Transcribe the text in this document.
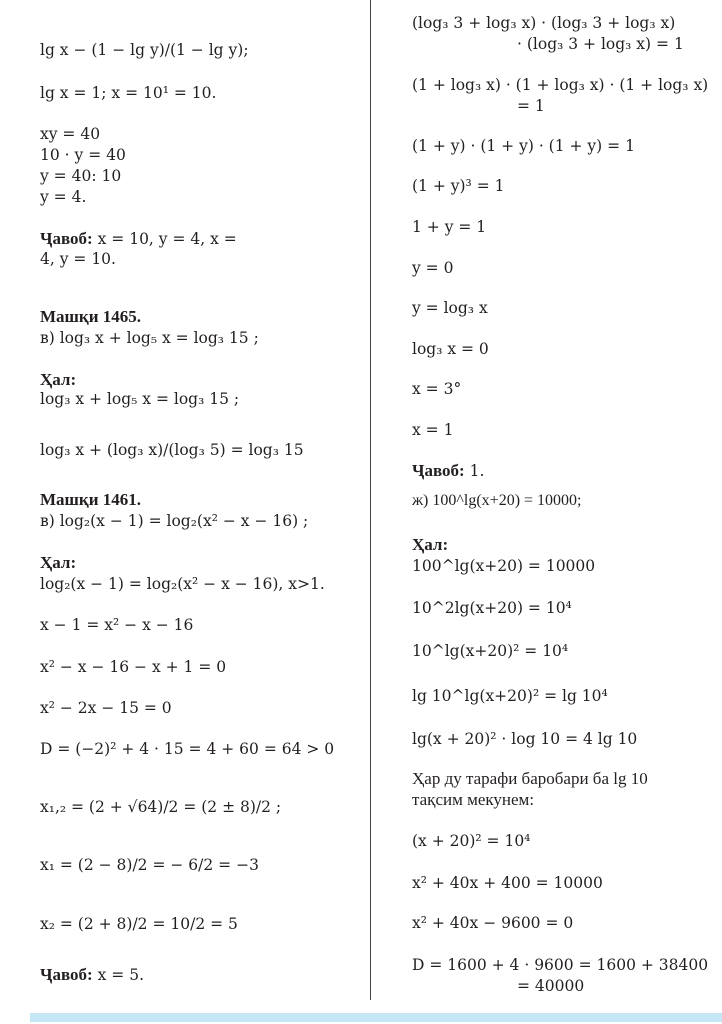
lg x − (1 − lg y)/(1 − lg y);
lg x = 1; x = 10¹ = 10.
xy = 40
10 · y = 40
y = 40: 10
y = 4.
Ҷавоб: x = 10, y = 4, x =
4, y = 10.
Машқи 1465.
в) log₃ x + log₅ x = log₃ 15 ;
Ҳал:
log₃ x + log₅ x = log₃ 15 ;
log₃ x + (log₃ x)/(log₃ 5) = log₃ 15
Машқи 1461.
в) log₂(x − 1) = log₂(x² − x − 16) ;
Ҳал:
log₂(x − 1) = log₂(x² − x − 16), x>1.
x − 1 = x² − x − 16
x² − x − 16 − x + 1 = 0
x² − 2x − 15 = 0
D = (−2)² + 4 · 15 = 4 + 60 = 64 > 0
x₁,₂ = (2 + √64)/2 = (2 ± 8)/2 ;
x₁ = (2 − 8)/2 = − 6/2 = −3
x₂ = (2 + 8)/2 = 10/2 = 5
Ҷавоб: x = 5.
(log₃ 3 + log₃ x) · (log₃ 3 + log₃ x)
· (log₃ 3 + log₃ x) = 1
(1 + log₃ x) · (1 + log₃ x) · (1 + log₃ x)
= 1
(1 + y) · (1 + y) · (1 + y) = 1
(1 + y)³ = 1
1 + y = 1
y = 0
y = log₃ x
log₃ x = 0
x = 3°
x = 1
Ҷавоб: 1.
ж) 100^lg(x+20) = 10000;
Ҳал:
100^lg(x+20) = 10000
10^2lg(x+20) = 10⁴
10^lg(x+20)² = 10⁴
lg 10^lg(x+20)² = lg 10⁴
lg(x + 20)² · log 10 = 4 lg 10
Ҳар ду тарафи баробари ба lg 10
тақсим мекунем:
(x + 20)² = 10⁴
x² + 40x + 400 = 10000
x² + 40x − 9600 = 0
D = 1600 + 4 · 9600 = 1600 + 38400
= 40000
